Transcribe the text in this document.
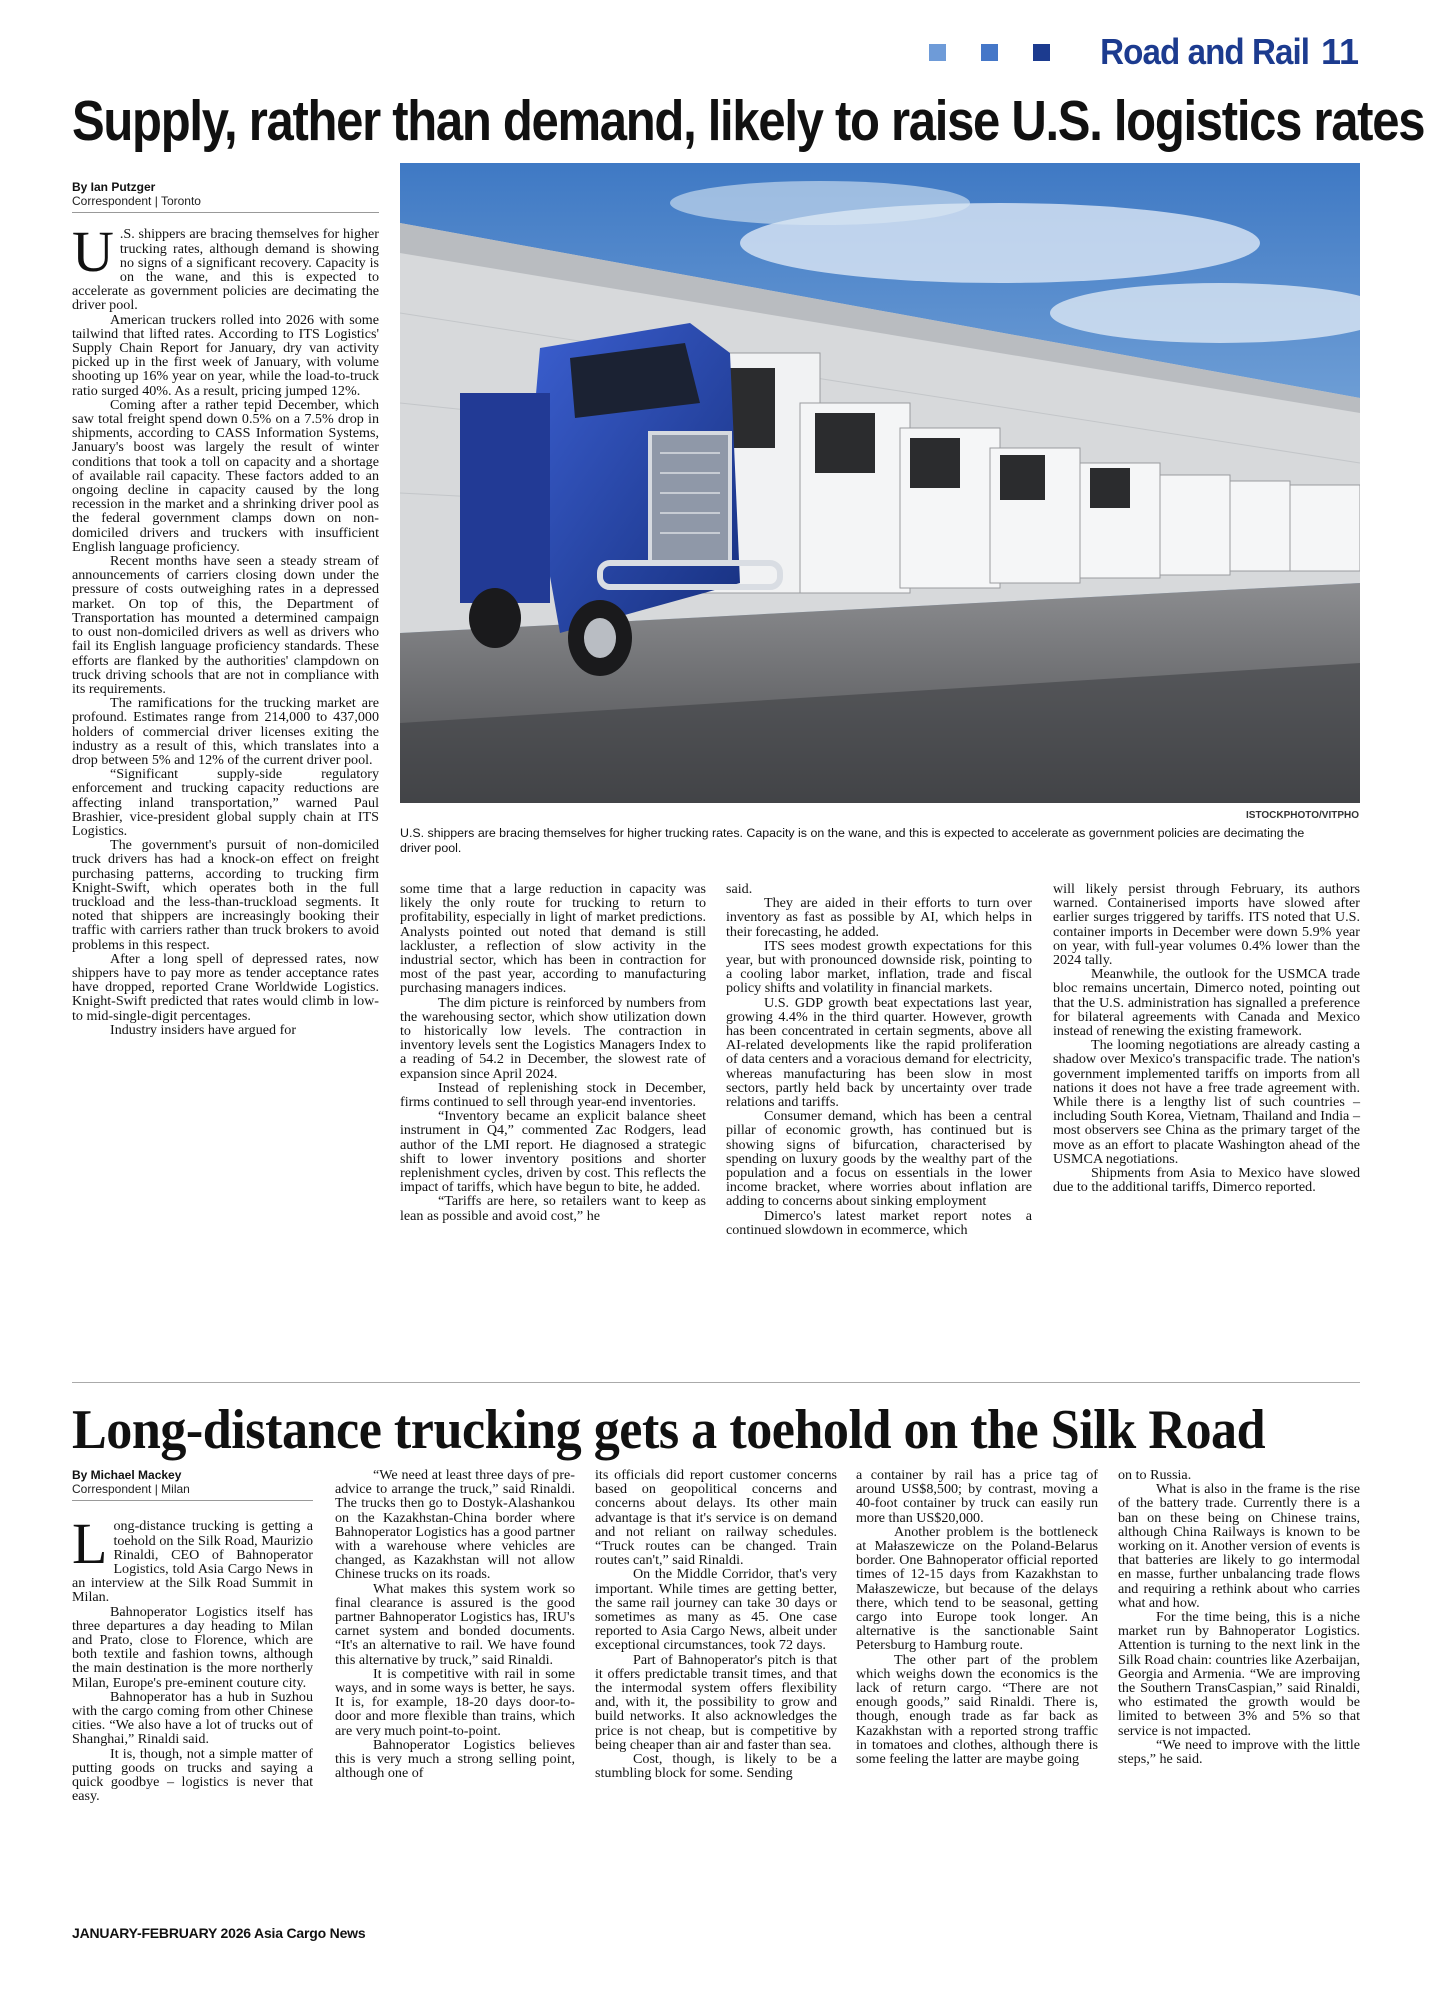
Road and Rail 11
Supply, rather than demand, likely to raise U.S. logistics rates
By Ian Putzger
Correspondent | Toronto

U .S. shippers are bracing themselves for higher trucking rates, although demand is showing no signs of a significant recovery. Capacity is on the wane, and this is expected to accelerate as government policies are decimating the driver pool.

American truckers rolled into 2026 with some tailwind that lifted rates. According to ITS Logistics' Supply Chain Report for January, dry van activity picked up in the first week of January, with volume shooting up 16% year on year, while the load-to-truck ratio surged 40%. As a result, pricing jumped 12%.

Coming after a rather tepid December, which saw total freight spend down 0.5% on a 7.5% drop in shipments, according to CASS Information Systems, January's boost was largely the result of winter conditions that took a toll on capacity and a shortage of available rail capacity. These factors added to an ongoing decline in capacity caused by the long recession in the market and a shrinking driver pool as the federal government clamps down on non-domiciled drivers and truckers with insufficient English language proficiency.

Recent months have seen a steady stream of announcements of carriers closing down under the pressure of costs outweighing rates in a depressed market. On top of this, the Department of Transportation has mounted a determined campaign to oust non-domiciled drivers as well as drivers who fail its English language proficiency standards. These efforts are flanked by the authorities' clampdown on truck driving schools that are not in compliance with its requirements.

The ramifications for the trucking market are profound. Estimates range from 214,000 to 437,000 holders of commercial driver licenses exiting the industry as a result of this, which translates into a drop between 5% and 12% of the current driver pool.

“Significant supply-side regulatory enforcement and trucking capacity reductions are affecting inland transportation,” warned Paul Brashier, vice-president global supply chain at ITS Logistics.

The government's pursuit of non-domiciled truck drivers has had a knock-on effect on freight purchasing patterns, according to trucking firm Knight-Swift, which operates both in the full truckload and the less-than-truckload segments. It noted that shippers are increasingly booking their traffic with carriers rather than truck brokers to avoid problems in this respect.

After a long spell of depressed rates, now shippers have to pay more as tender acceptance rates have dropped, reported Crane Worldwide Logistics. Knight-Swift predicted that rates would climb in low- to mid-single-digit percentages.

Industry insiders have argued for

ISTOCKPHOTO/VITPHO
U.S. shippers are bracing themselves for higher trucking rates. Capacity is on the wane, and this is expected to accelerate as government policies are decimating the driver pool.

some time that a large reduction in capacity was likely the only route for trucking to return to profitability, especially in light of market predictions. Analysts pointed out noted that demand is still lackluster, a reflection of slow activity in the industrial sector, which has been in contraction for most of the past year, according to manufacturing purchasing managers indices.

The dim picture is reinforced by numbers from the warehousing sector, which show utilization down to historically low levels. The contraction in inventory levels sent the Logistics Managers Index to a reading of 54.2 in December, the slowest rate of expansion since April 2024.

Instead of replenishing stock in December, firms continued to sell through year-end inventories.

“Inventory became an explicit balance sheet instrument in Q4,” commented Zac Rodgers, lead author of the LMI report. He diagnosed a strategic shift to lower inventory positions and shorter replenishment cycles, driven by cost. This reflects the impact of tariffs, which have begun to bite, he added.

“Tariffs are here, so retailers want to keep as lean as possible and avoid cost,” he

said.

They are aided in their efforts to turn over inventory as fast as possible by AI, which helps in their forecasting, he added.

ITS sees modest growth expectations for this year, but with pronounced downside risk, pointing to a cooling labor market, inflation, trade and fiscal policy shifts and volatility in financial markets.

U.S. GDP growth beat expectations last year, growing 4.4% in the third quarter. However, growth has been concentrated in certain segments, above all AI-related developments like the rapid proliferation of data centers and a voracious demand for electricity, whereas manufacturing has been slow in most sectors, partly held back by uncertainty over trade relations and tariffs.

Consumer demand, which has been a central pillar of economic growth, has continued but is showing signs of bifurcation, characterised by spending on luxury goods by the wealthy part of the population and a focus on essentials in the lower income bracket, where worries about inflation are adding to concerns about sinking employment

Dimerco's latest market report notes a continued slowdown in ecommerce, which

will likely persist through February, its authors warned. Containerised imports have slowed after earlier surges triggered by tariffs. ITS noted that U.S. container imports in December were down 5.9% year on year, with full-year volumes 0.4% lower than the 2024 tally.

Meanwhile, the outlook for the USMCA trade bloc remains uncertain, Dimerco noted, pointing out that the U.S. administration has signalled a preference for bilateral agreements with Canada and Mexico instead of renewing the existing framework.

The looming negotiations are already casting a shadow over Mexico's transpacific trade. The nation's government implemented tariffs on imports from all nations it does not have a free trade agreement with. While there is a lengthy list of such countries – including South Korea, Vietnam, Thailand and India – most observers see China as the primary target of the move as an effort to placate Washington ahead of the USMCA negotiations.

Shipments from Asia to Mexico have slowed due to the additional tariffs, Dimerco reported.

Long-distance trucking gets a toehold on the Silk Road
By Michael Mackey
Correspondent | Milan

Long-distance trucking is getting a toehold on the Silk Road, Maurizio Rinaldi, CEO of Bahnoperator Logistics, told Asia Cargo News in an interview at the Silk Road Summit in Milan.

Bahnoperator Logistics itself has three departures a day heading to Milan and Prato, close to Florence, which are both textile and fashion towns, although the main destination is the more northerly Milan, Europe's pre-eminent couture city.

Bahnoperator has a hub in Suzhou with the cargo coming from other Chinese cities. “We also have a lot of trucks out of Shanghai,” Rinaldi said.

It is, though, not a simple matter of putting goods on trucks and saying a quick goodbye – logistics is never that easy.

“We need at least three days of pre-advice to arrange the truck,” said Rinaldi. The trucks then go to Dostyk-Alashankou on the Kazakhstan-China border where Bahnoperator Logistics has a good partner with a warehouse where vehicles are changed, as Kazakhstan will not allow Chinese trucks on its roads.

What makes this system work so final clearance is assured is the good partner Bahnoperator Logistics has, IRU's carnet system and bonded documents. “It's an alternative to rail. We have found this alternative by truck,” said Rinaldi.

It is competitive with rail in some ways, and in some ways is better, he says. It is, for example, 18-20 days door-to-door and more flexible than trains, which are very much point-to-point.

Bahnoperator Logistics believes this is very much a strong selling point, although one of

its officials did report customer concerns based on geopolitical concerns and concerns about delays. Its other main advantage is that it's service is on demand and not reliant on railway schedules. “Truck routes can be changed. Train routes can't,” said Rinaldi.

On the Middle Corridor, that's very important. While times are getting better, the same rail journey can take 30 days or sometimes as many as 45. One case reported to Asia Cargo News, albeit under exceptional circumstances, took 72 days.

Part of Bahnoperator's pitch is that it offers predictable transit times, and that the intermodal system offers flexibility and, with it, the possibility to grow and build networks. It also acknowledges the price is not cheap, but is competitive by being cheaper than air and faster than sea.

Cost, though, is likely to be a stumbling block for some. Sending

a container by rail has a price tag of around US$8,500; by contrast, moving a 40-foot container by truck can easily run more than US$20,000.

Another problem is the bottleneck at Małaszewicze on the Poland-Belarus border. One Bahnoperator official reported times of 12-15 days from Kazakhstan to Małaszewicze, but because of the delays there, which tend to be seasonal, getting cargo into Europe took longer. An alternative is the sanctionable Saint Petersburg to Hamburg route.

The other part of the problem which weighs down the economics is the lack of return cargo. “There are not enough goods,” said Rinaldi. There is, though, enough trade as far back as Kazakhstan with a reported strong traffic in tomatoes and clothes, although there is some feeling the latter are maybe going

on to Russia.

What is also in the frame is the rise of the battery trade. Currently there is a ban on these being on Chinese trains, although China Railways is known to be working on it. Another version of events is that batteries are likely to go intermodal en masse, further unbalancing trade flows and requiring a rethink about who carries what and how.

For the time being, this is a niche market run by Bahnoperator Logistics. Attention is turning to the next link in the Silk Road chain: countries like Azerbaijan, Georgia and Armenia. “We are improving the Southern TransCaspian,” said Rinaldi, who estimated the growth would be limited to between 3% and 5% so that service is not impacted.

“We need to improve with the little steps,” he said.

JANUARY-FEBRUARY 2026 Asia Cargo News
